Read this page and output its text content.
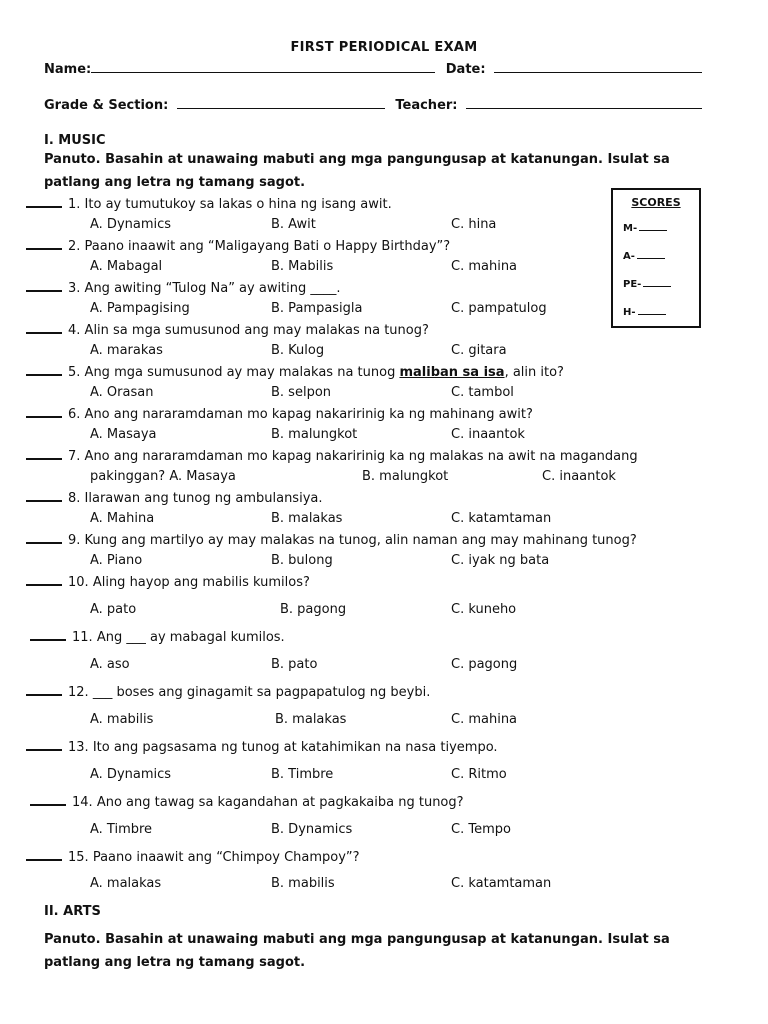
FIRST PERIODICAL EXAM
Name:	Date:
Grade & Section:	Teacher:
I. MUSIC
Panuto. Basahin at unawaing mabuti ang mga pangungusap at katanungan. Isulat sa patlang ang letra ng tamang sagot.
SCORES
M-
A-
PE-
H-
1. Ito ay tumutukoy sa lakas o hina ng isang awit.
A. Dynamics	B. Awit	C. hina
2. Paano inaawit ang “Maligayang Bati o Happy Birthday”?
A. Mabagal	B. Mabilis	C. mahina
3. Ang awiting “Tulog Na” ay awiting ____.
A. Pampagising	B. Pampasigla	C. pampatulog
4. Alin sa mga sumusunod ang may malakas na tunog?
A. marakas	B. Kulog	C. gitara
5. Ang mga sumusunod ay may malakas na tunog maliban sa isa, alin ito?
A. Orasan	B. selpon	C. tambol
6. Ano ang nararamdaman mo kapag nakaririnig ka ng mahinang awit?
A. Masaya	B. malungkot	C. inaantok
7. Ano ang nararamdaman mo kapag nakaririnig ka ng malakas na awit na magandang
pakinggan? A. Masaya	B. malungkot	C. inaantok
8. Ilarawan ang tunog ng ambulansiya.
A. Mahina	B. malakas	C. katamtaman
9. Kung ang martilyo ay may malakas na tunog, alin naman ang may mahinang tunog?
A. Piano	B. bulong	C. iyak ng bata
10. Aling hayop ang mabilis kumilos?
A. pato	B. pagong	C. kuneho
11. Ang ___ ay mabagal kumilos.
A. aso	B. pato	C. pagong
12. ___ boses ang ginagamit sa pagpapatulog ng beybi.
A. mabilis	B. malakas	C. mahina
13. Ito ang pagsasama ng tunog at katahimikan na nasa tiyempo.
A. Dynamics	B. Timbre	C. Ritmo
14. Ano ang tawag sa kagandahan at pagkakaiba ng tunog?
A. Timbre	B. Dynamics	C. Tempo
15. Paano inaawit ang “Chimpoy Champoy”?
A. malakas	B. mabilis	C. katamtaman
II. ARTS
Panuto. Basahin at unawaing mabuti ang mga pangungusap at katanungan. Isulat sa patlang ang letra ng tamang sagot.
